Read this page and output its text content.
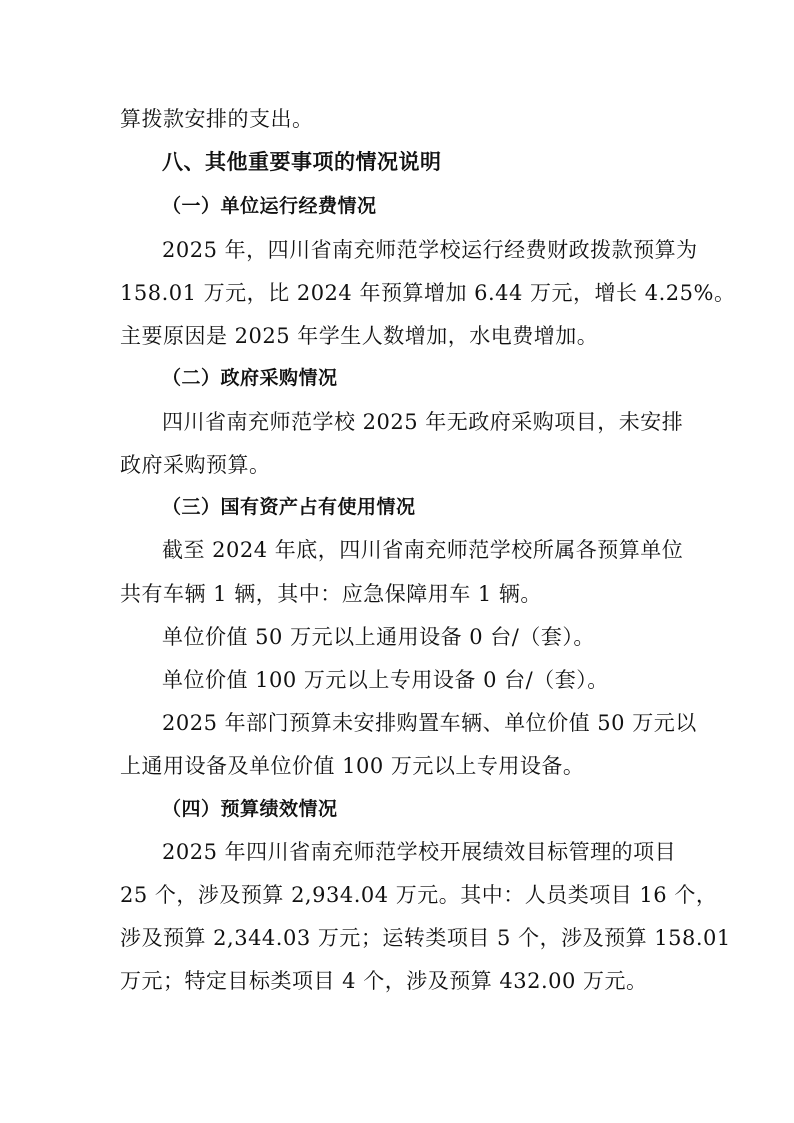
算拨款安排的支出。
八、其他重要事项的情况说明
（一）单位运行经费情况
2025 年，四川省南充师范学校运行经费财政拨款预算为
158.01 万元，比 2024 年预算增加 6.44 万元，增长 4.25%。
主要原因是 2025 年学生人数增加，水电费增加。
（二）政府采购情况
四川省南充师范学校 2025 年无政府采购项目，未安排
政府采购预算。
（三）国有资产占有使用情况
截至 2024 年底，四川省南充师范学校所属各预算单位
共有车辆 1 辆，其中：应急保障用车 1 辆。
单位价值 50 万元以上通用设备 0 台/（套）。
单位价值 100 万元以上专用设备 0 台/（套）。
2025 年部门预算未安排购置车辆、单位价值 50 万元以
上通用设备及单位价值 100 万元以上专用设备。
（四）预算绩效情况
2025 年四川省南充师范学校开展绩效目标管理的项目
25 个，涉及预算 2,934.04 万元。其中：人员类项目 16 个，
涉及预算 2,344.03 万元；运转类项目 5 个，涉及预算 158.01
万元；特定目标类项目 4 个，涉及预算 432.00 万元。
